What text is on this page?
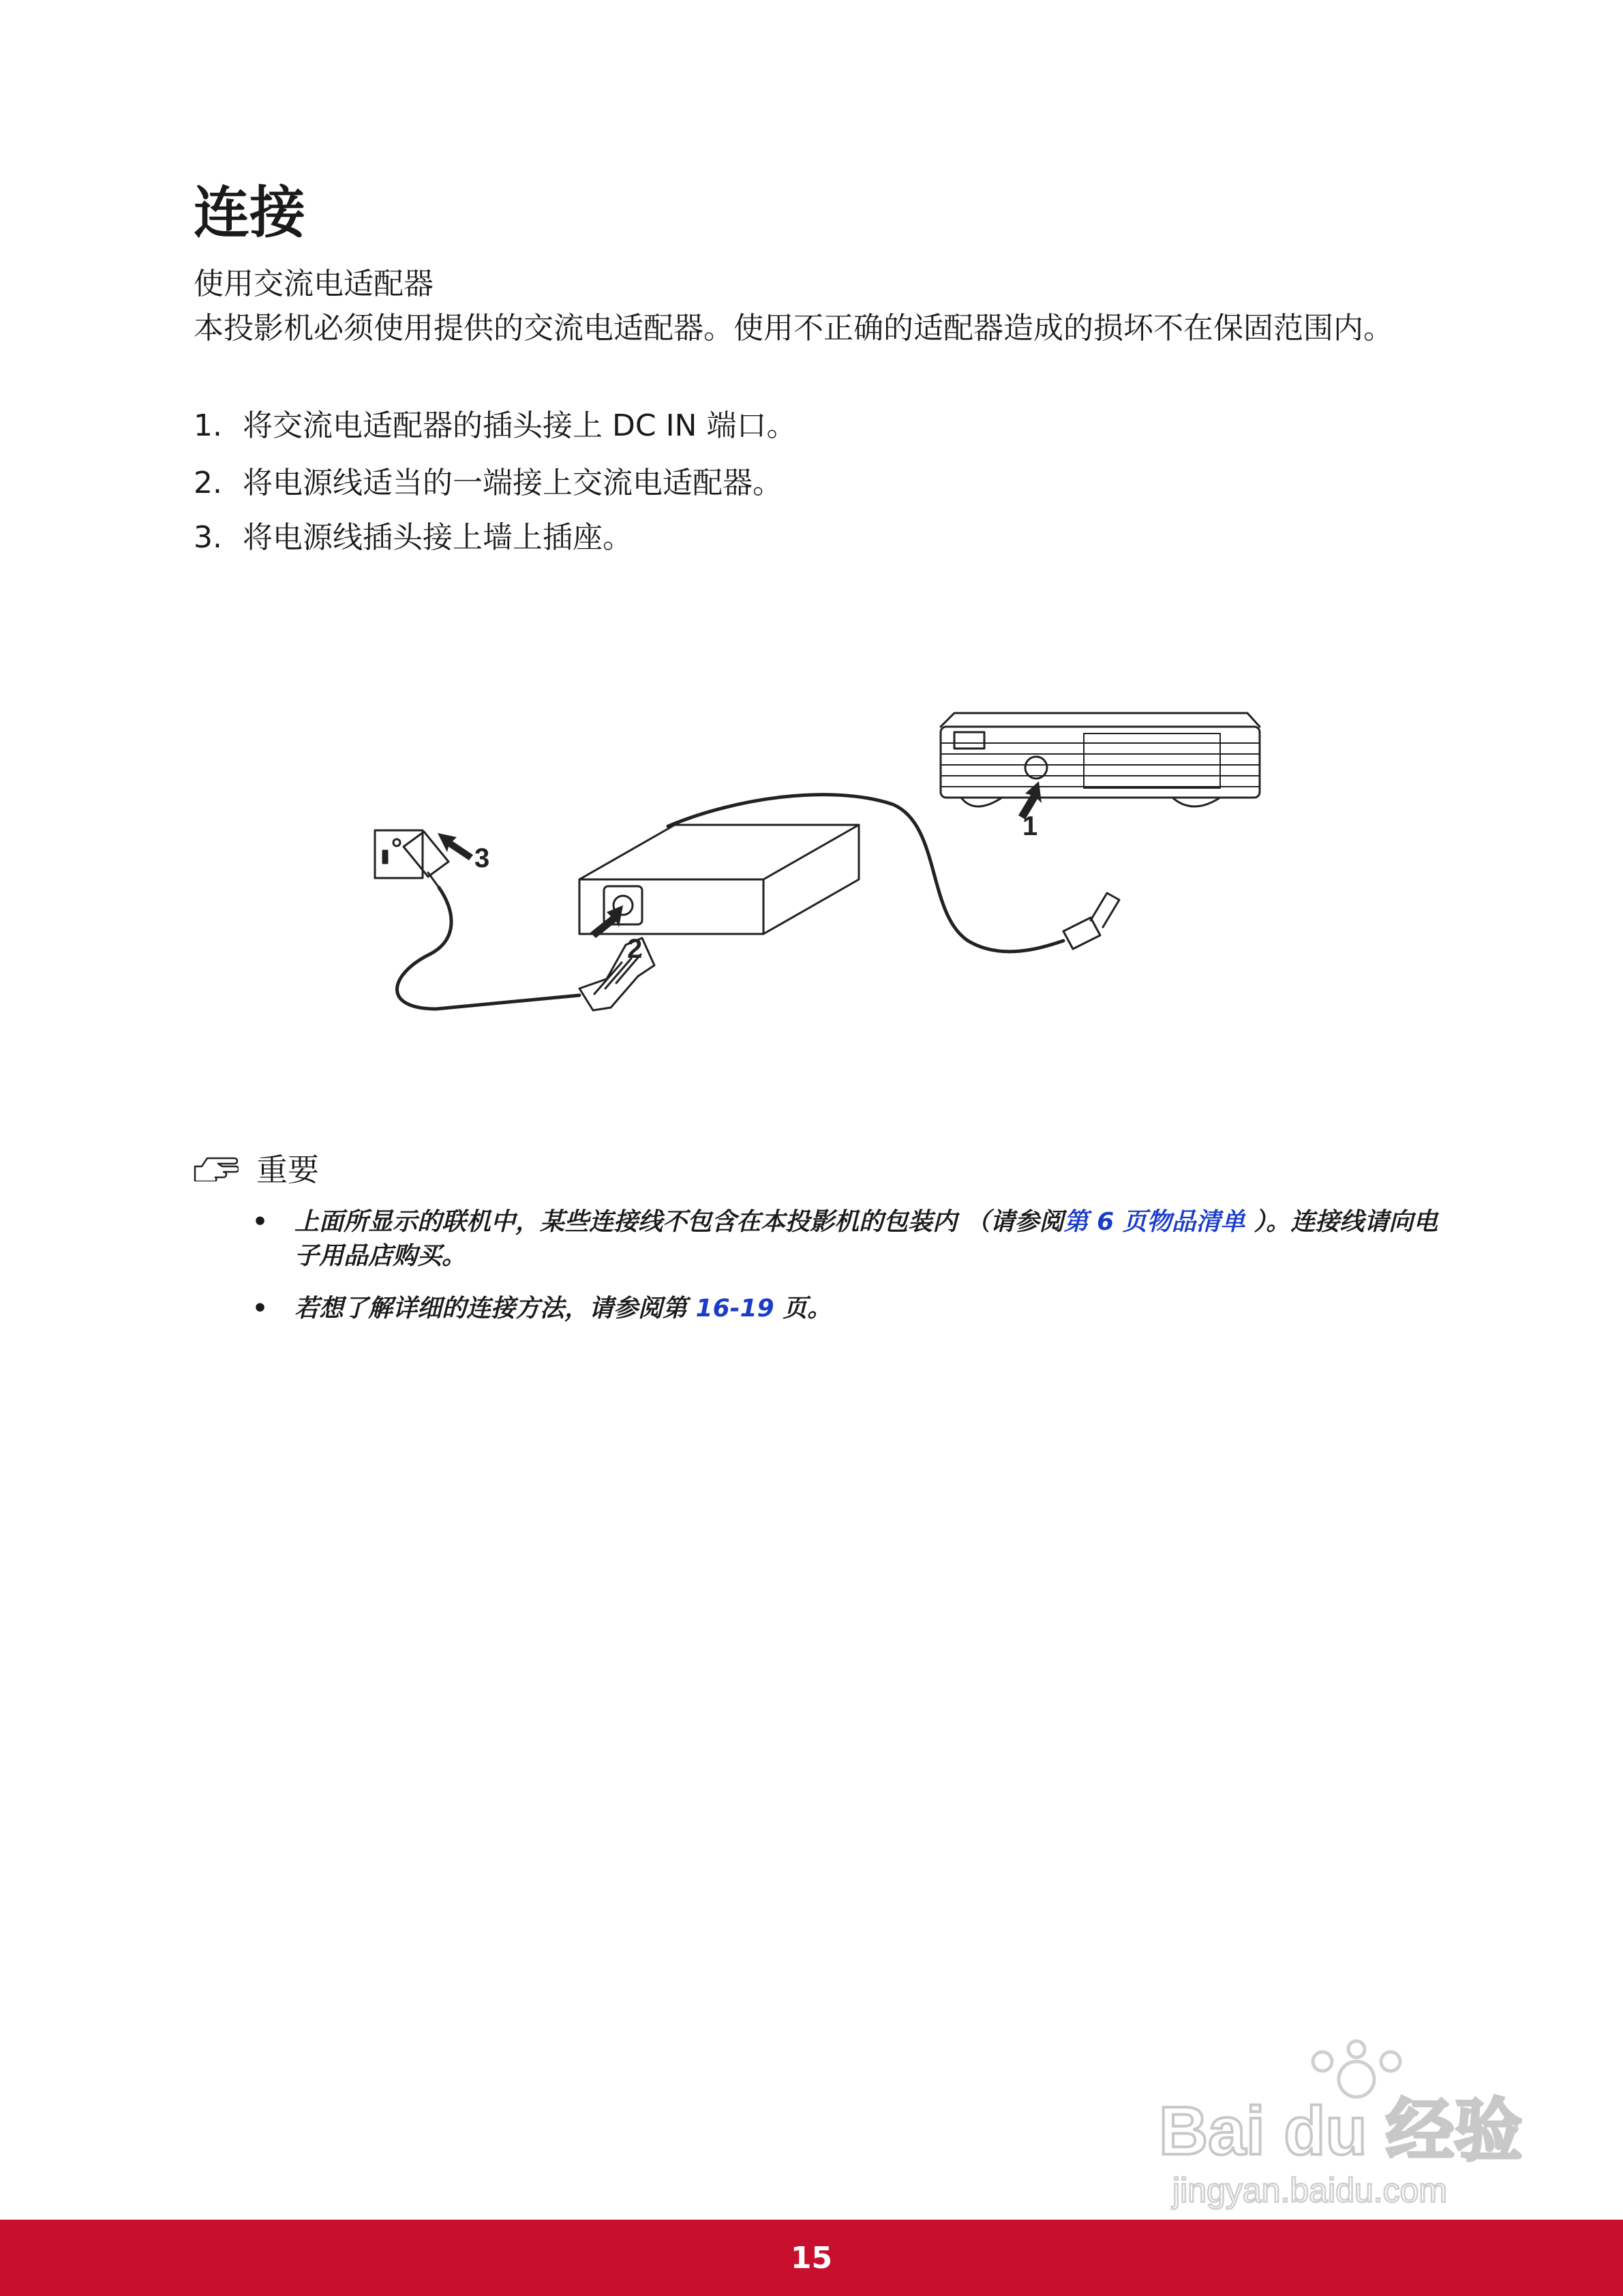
连接
使用交流电适配器
本投影机必须使用提供的交流电适配器。使用不正确的适配器造成的损坏不在保固范围内。
1. 将交流电适配器的插头接上 DC IN 端口。
2. 将电源线适当的一端接上交流电适配器。
3. 将电源线插头接上墙上插座。
1
2
3
重要
• 上面所显示的联机中，某些连接线不包含在本投影机的包装内 （请参阅第 6 页物品清单 ）。连接线请向电子用品店购买。
• 若想了解详细的连接方法，请参阅第 16-19 页。
Bai du 经验
jingyan.baidu.com
15
